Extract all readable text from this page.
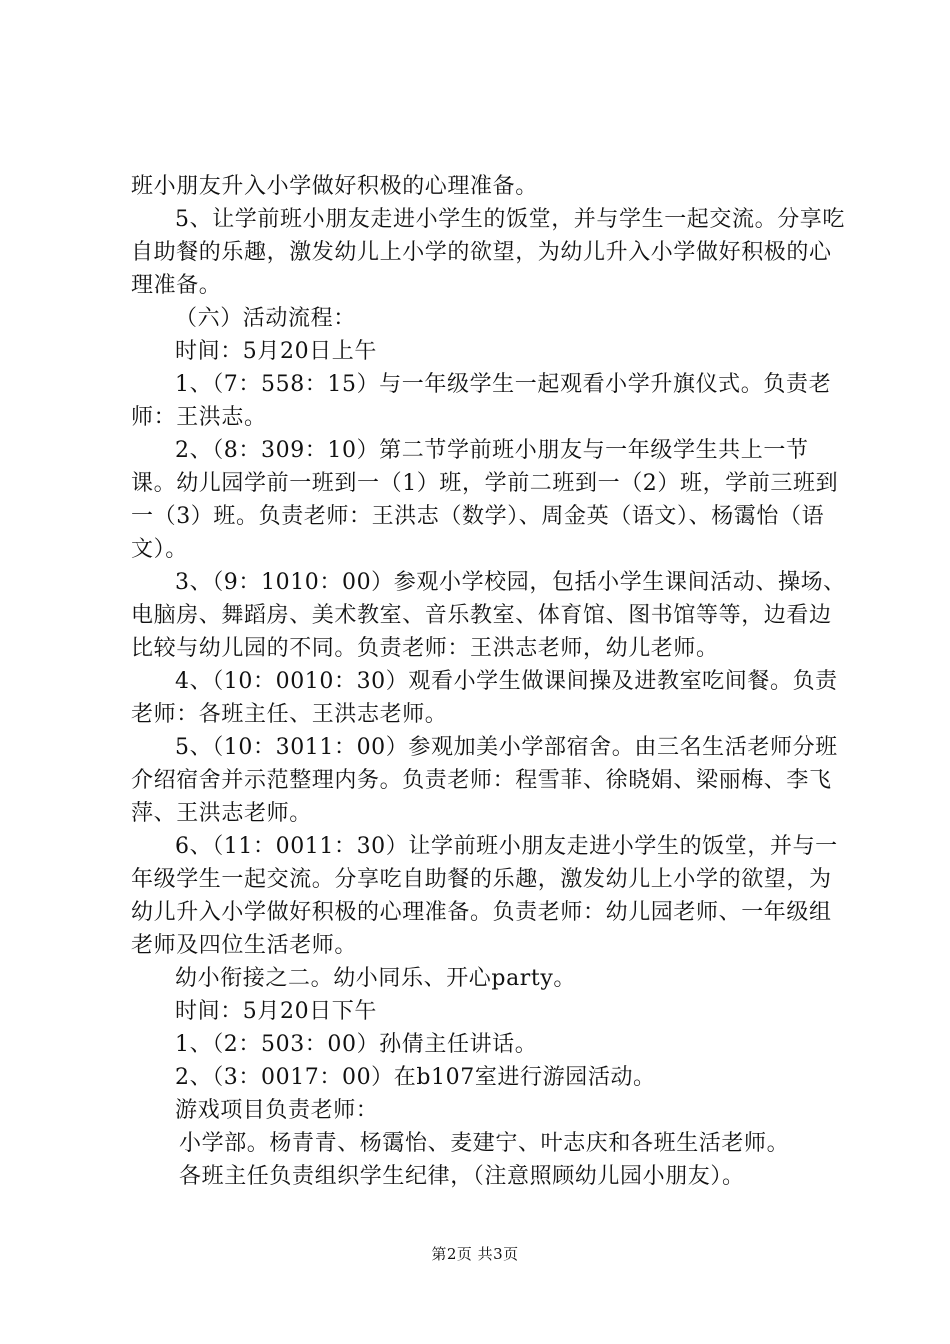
班小朋友升入小学做好积极的心理准备。

5、让学前班小朋友走进小学生的饭堂，并与学生一起交流。分享吃自助餐的乐趣，激发幼儿上小学的欲望，为幼儿升入小学做好积极的心理准备。

（六）活动流程：

时间：5月20日上午

1、（7：558：15）与一年级学生一起观看小学升旗仪式。负责老师：王洪志。

2、（8：309：10）第二节学前班小朋友与一年级学生共上一节课。幼儿园学前一班到一（1）班，学前二班到一（2）班，学前三班到一（3）班。负责老师：王洪志（数学）、周金英（语文）、杨霭怡（语文）。

3、（9：1010：00）参观小学校园，包括小学生课间活动、操场、电脑房、舞蹈房、美术教室、音乐教室、体育馆、图书馆等等，边看边比较与幼儿园的不同。负责老师：王洪志老师，幼儿老师。

4、（10：0010：30）观看小学生做课间操及进教室吃间餐。负责老师：各班主任、王洪志老师。

5、（10：3011：00）参观加美小学部宿舍。由三名生活老师分班介绍宿舍并示范整理内务。负责老师：程雪菲、徐晓娟、梁丽梅、李飞萍、王洪志老师。

6、（11：0011：30）让学前班小朋友走进小学生的饭堂，并与一年级学生一起交流。分享吃自助餐的乐趣，激发幼儿上小学的欲望，为幼儿升入小学做好积极的心理准备。负责老师：幼儿园老师、一年级组老师及四位生活老师。

幼小衔接之二。幼小同乐、开心party。

时间：5月20日下午

1、（2：503：00）孙倩主任讲话。

2、（3：0017：00）在b107室进行游园活动。

游戏项目负责老师：

小学部。杨青青、杨霭怡、麦建宁、叶志庆和各班生活老师。

各班主任负责组织学生纪律，（注意照顾幼儿园小朋友）。

第2页 共3页
